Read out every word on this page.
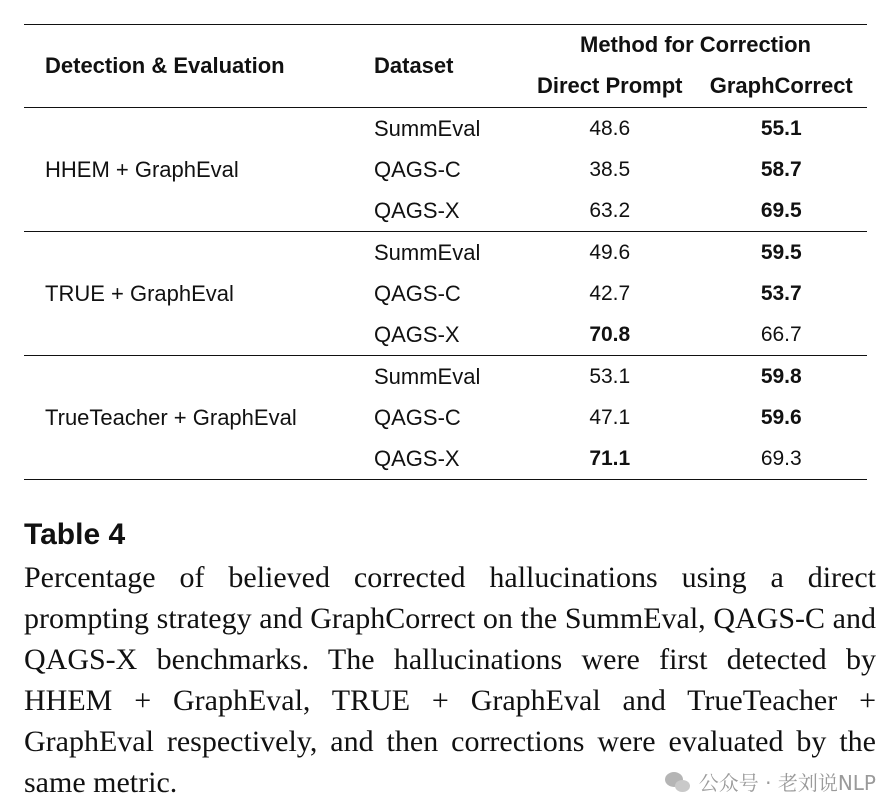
Detection & Evaluation	Dataset	Method for Correction	
		Direct Prompt	GraphCorrect
HHEM + GraphEval	SummEval	48.6	55.1
	QAGS-C	38.5	58.7
	QAGS-X	63.2	69.5
TRUE + GraphEval	SummEval	49.6	59.5
	QAGS-C	42.7	53.7
	QAGS-X	70.8	66.7
TrueTeacher + GraphEval	SummEval	53.1	59.8
	QAGS-C	47.1	59.6
	QAGS-X	71.1	69.3
Table 4
Percentage of believed corrected hallucinations using a direct prompting strategy and GraphCorrect on the SummEval, QAGS-C and QAGS-X benchmarks. The hallucinations were first detected by HHEM + GraphEval, TRUE + GraphEval and TrueTeacher + GraphEval respectively, and then corrections were evaluated by the same metric.	公众号 · 老刘说NLP
